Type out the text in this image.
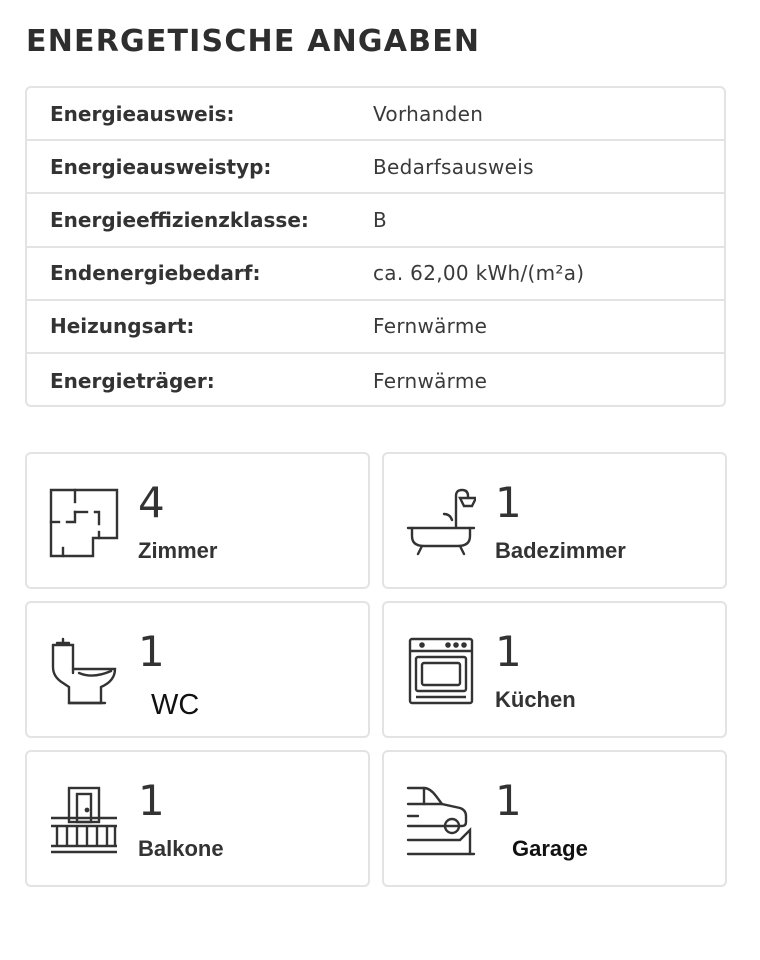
ENERGETISCHE ANGABEN
Energieausweis:	Vorhanden
Energieausweistyp:	Bedarfsausweis
Energieeffizienzklasse:	B
Endenergiebedarf:	ca. 62,00 kWh/(m²a)
Heizungsart:	Fernwärme
Energieträger:	Fernwärme
4
Zimmer
1
Badezimmer
1
WC
1
Küchen
1
Balkone
1
Garage
